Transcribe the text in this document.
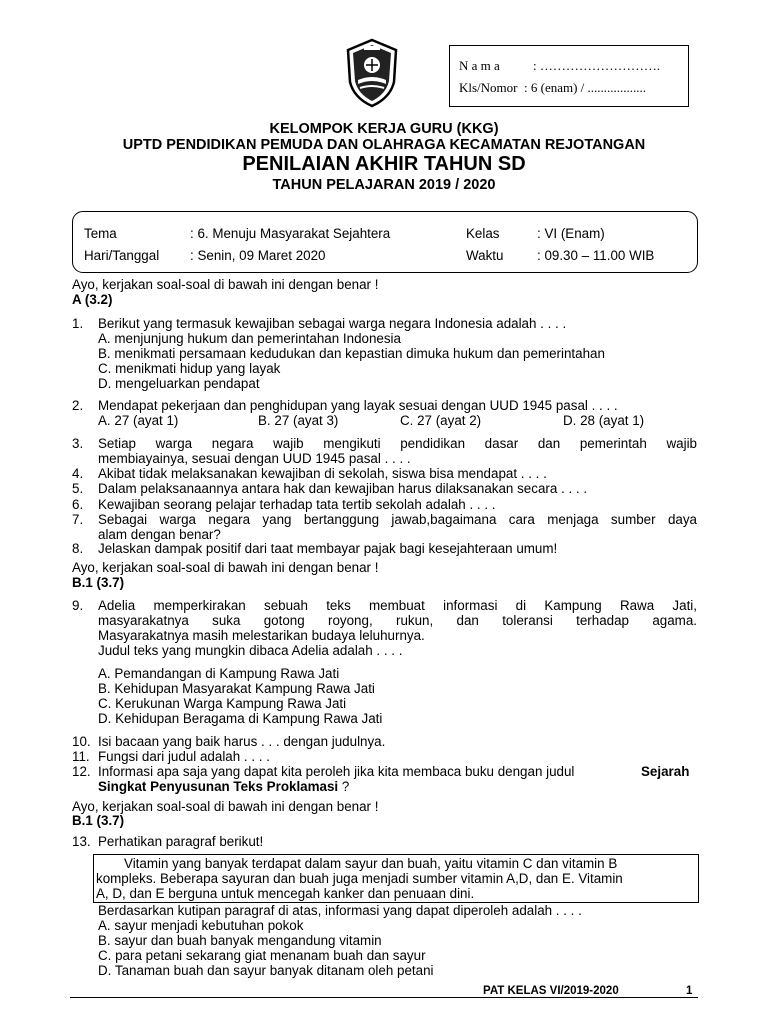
N a m a	: ……………………….
Kls/Nomor : 6 (enam) / ..................
KELOMPOK KERJA GURU (KKG)
UPTD PENDIDIKAN PEMUDA DAN OLAHRAGA KECAMATAN REJOTANGAN
PENILAIAN AKHIR TAHUN SD
TAHUN PELAJARAN 2019 / 2020
Tema	: 6. Menuju Masyarakat Sejahtera	Kelas	: VI (Enam)
Hari/Tanggal : Senin, 09 Maret 2020	Waktu	: 09.30 – 11.00 WIB
Ayo, kerjakan soal-soal di bawah ini dengan benar !
A (3.2)
1. Berikut yang termasuk kewajiban sebagai warga negara Indonesia adalah . . . .
A. menjunjung hukum dan pemerintahan Indonesia
B. menikmati persamaan kedudukan dan kepastian dimuka hukum dan pemerintahan
C. menikmati hidup yang layak
D. mengeluarkan pendapat
2. Mendapat pekerjaan dan penghidupan yang layak sesuai dengan UUD 1945 pasal . . . .
A. 27 (ayat 1)	B. 27 (ayat 3)	C. 27 (ayat 2)	D. 28 (ayat 1)
3. Setiap warga negara wajib mengikuti pendidikan dasar dan pemerintah wajib
membiayainya, sesuai dengan UUD 1945 pasal . . . .
4. Akibat tidak melaksanakan kewajiban di sekolah, siswa bisa mendapat . . . .
5. Dalam pelaksanaannya antara hak dan kewajiban harus dilaksanakan secara . . . .
6. Kewajiban seorang pelajar terhadap tata tertib sekolah adalah . . . .
7. Sebagai warga negara yang bertanggung jawab,bagaimana cara menjaga sumber daya
alam dengan benar?
8. Jelaskan dampak positif dari taat membayar pajak bagi kesejahteraan umum!
Ayo, kerjakan soal-soal di bawah ini dengan benar !
B.1 (3.7)
9. Adelia memperkirakan sebuah teks membuat informasi di Kampung Rawa Jati,
masyarakatnya suka gotong royong, rukun, dan toleransi terhadap agama.
Masyarakatnya masih melestarikan budaya leluhurnya.
Judul teks yang mungkin dibaca Adelia adalah . . . .
A. Pemandangan di Kampung Rawa Jati
B. Kehidupan Masyarakat Kampung Rawa Jati
C. Kerukunan Warga Kampung Rawa Jati
D. Kehidupan Beragama di Kampung Rawa Jati
10. Isi bacaan yang baik harus . . . dengan judulnya.
11. Fungsi dari judul adalah . . . .
12. Informasi apa saja yang dapat kita peroleh jika kita membaca buku dengan judul	Sejarah
Singkat Penyusunan Teks Proklamasi ?
Ayo, kerjakan soal-soal di bawah ini dengan benar !
B.1 (3.7)
13. Perhatikan paragraf berikut!
Vitamin yang banyak terdapat dalam sayur dan buah, yaitu vitamin C dan vitamin B
kompleks. Beberapa sayuran dan buah juga menjadi sumber vitamin A,D, dan E. Vitamin
A, D, dan E berguna untuk mencegah kanker dan penuaan dini.
Berdasarkan kutipan paragraf di atas, informasi yang dapat diperoleh adalah . . . .
A. sayur menjadi kebutuhan pokok
B. sayur dan buah banyak mengandung vitamin
C. para petani sekarang giat menanam buah dan sayur
D. Tanaman buah dan sayur banyak ditanam oleh petani
PAT KELAS VI/2019-2020	1
